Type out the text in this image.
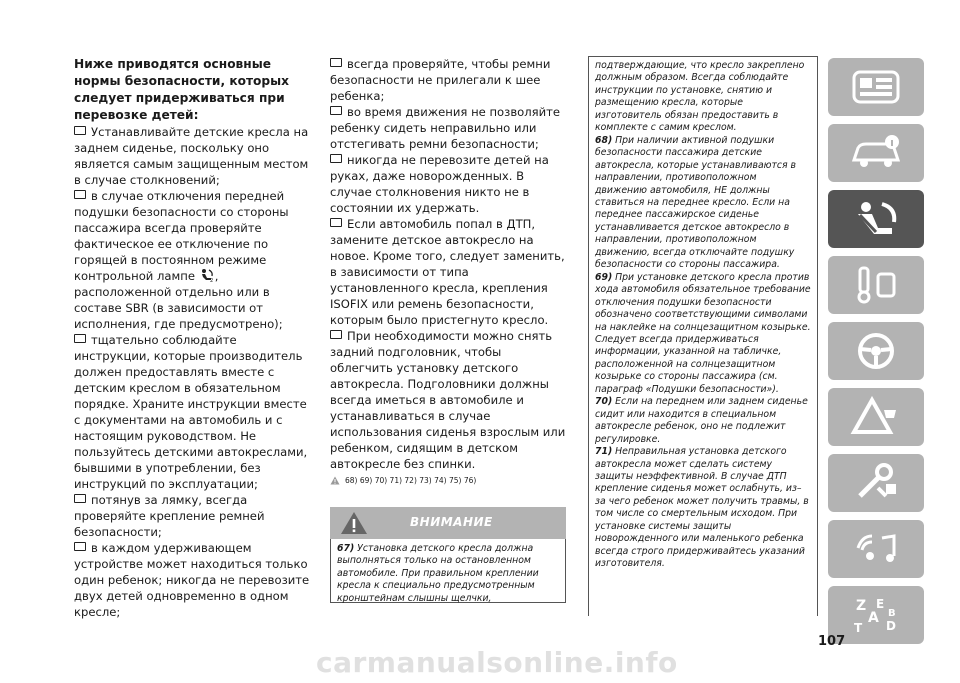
Ниже приводятся основные нормы безопасности, которых следует придерживаться при перевозке детей:

Устанавливайте детские кресла на заднем сиденье, поскольку оно является самым защищенным местом в случае столкновений;

в случае отключения передней подушки безопасности со стороны пассажира всегда проверяйте фактическое ее отключение по горящей в постоянном режиме контрольной лампе	2 , расположенной отдельно или в составе SBR (в зависимости от исполнения, где предусмотрено);

тщательно соблюдайте инструкции, которые производитель должен предоставлять вместе с детским креслом в обязательном порядке. Храните инструкции вместе с документами на автомобиль и с настоящим руководством. Не пользуйтесь детскими автокреслами, бывшими в употреблении, без инструкций по эксплуатации;

потянув за лямку, всегда проверяйте крепление ремней безопасности;

в каждом удерживающем устройстве может находиться только один ребенок; никогда не перевозите двух детей одновременно в одном кресле;

всегда проверяйте, чтобы ремни безопасности не прилегали к шее ребенка;

во время движения не позволяйте ребенку сидеть неправильно или отстегивать ремни безопасности;

никогда не перевозите детей на руках, даже новорожденных. В случае столкновения никто не в состоянии их удержать.

Если автомобиль попал в ДТП, замените детское автокресло на новое. Кроме того, следует заменить, в зависимости от типа установленного кресла, крепления ISOFIX или ремень безопасности, которым было пристегнуто кресло.

При необходимости можно снять задний подголовник, чтобы облегчить установку детского автокресла. Подголовники должны всегда иметься в автомобиле и устанавливаться в случае использования сиденья взрослым или ребенком, сидящим в детском автокресле без спинки.

68) 69) 70) 71) 72) 73) 74) 75) 76)
ВНИМАНИЕ
67) Установка детского кресла должна выполняться только на остановленном автомобиле. При правильном креплении кресла к специально предусмотренным кронштейнам слышны щелчки,

подтверждающие, что кресло закреплено должным образом. Всегда соблюдайте инструкции по установке, снятию и размещению кресла, которые изготовитель обязан предоставить в комплекте с самим креслом.

68) При наличии активной подушки безопасности пассажира детские автокресла, которые устанавливаются в направлении, противоположном движению автомобиля, НЕ должны ставиться на переднее кресло. Если на переднее пассажирское сиденье устанавливается детское автокресло в направлении, противоположном движению, всегда отключайте подушку безопасности со стороны пассажира.

69) При установке детского кресла против хода автомобиля обязательное требование отключения подушки безопасности обозначено соответствующими символами на наклейке на солнцезащитном козырьке. Следует всегда придерживаться информации, указанной на табличке, расположенной на солнцезащитном козырьке со стороны пассажира (см. параграф «Подушки безопасности»).

70) Если на переднем или заднем сиденье сидит или находится в специальном автокресле ребенок, оно не подлежит регулировке.

71) Неправильная установка детского автокресла может сделать систему защиты неэффективной. В случае ДТП крепление сиденья может ослабнуть, из–за чего ребенок может получить травмы, в том числе со смертельным исходом. При установке системы защиты новорожденного или маленького ребенка всегда строго придерживайтесь указаний изготовителя.

Z E
A
T D
B
107
carmanualsonline.info
